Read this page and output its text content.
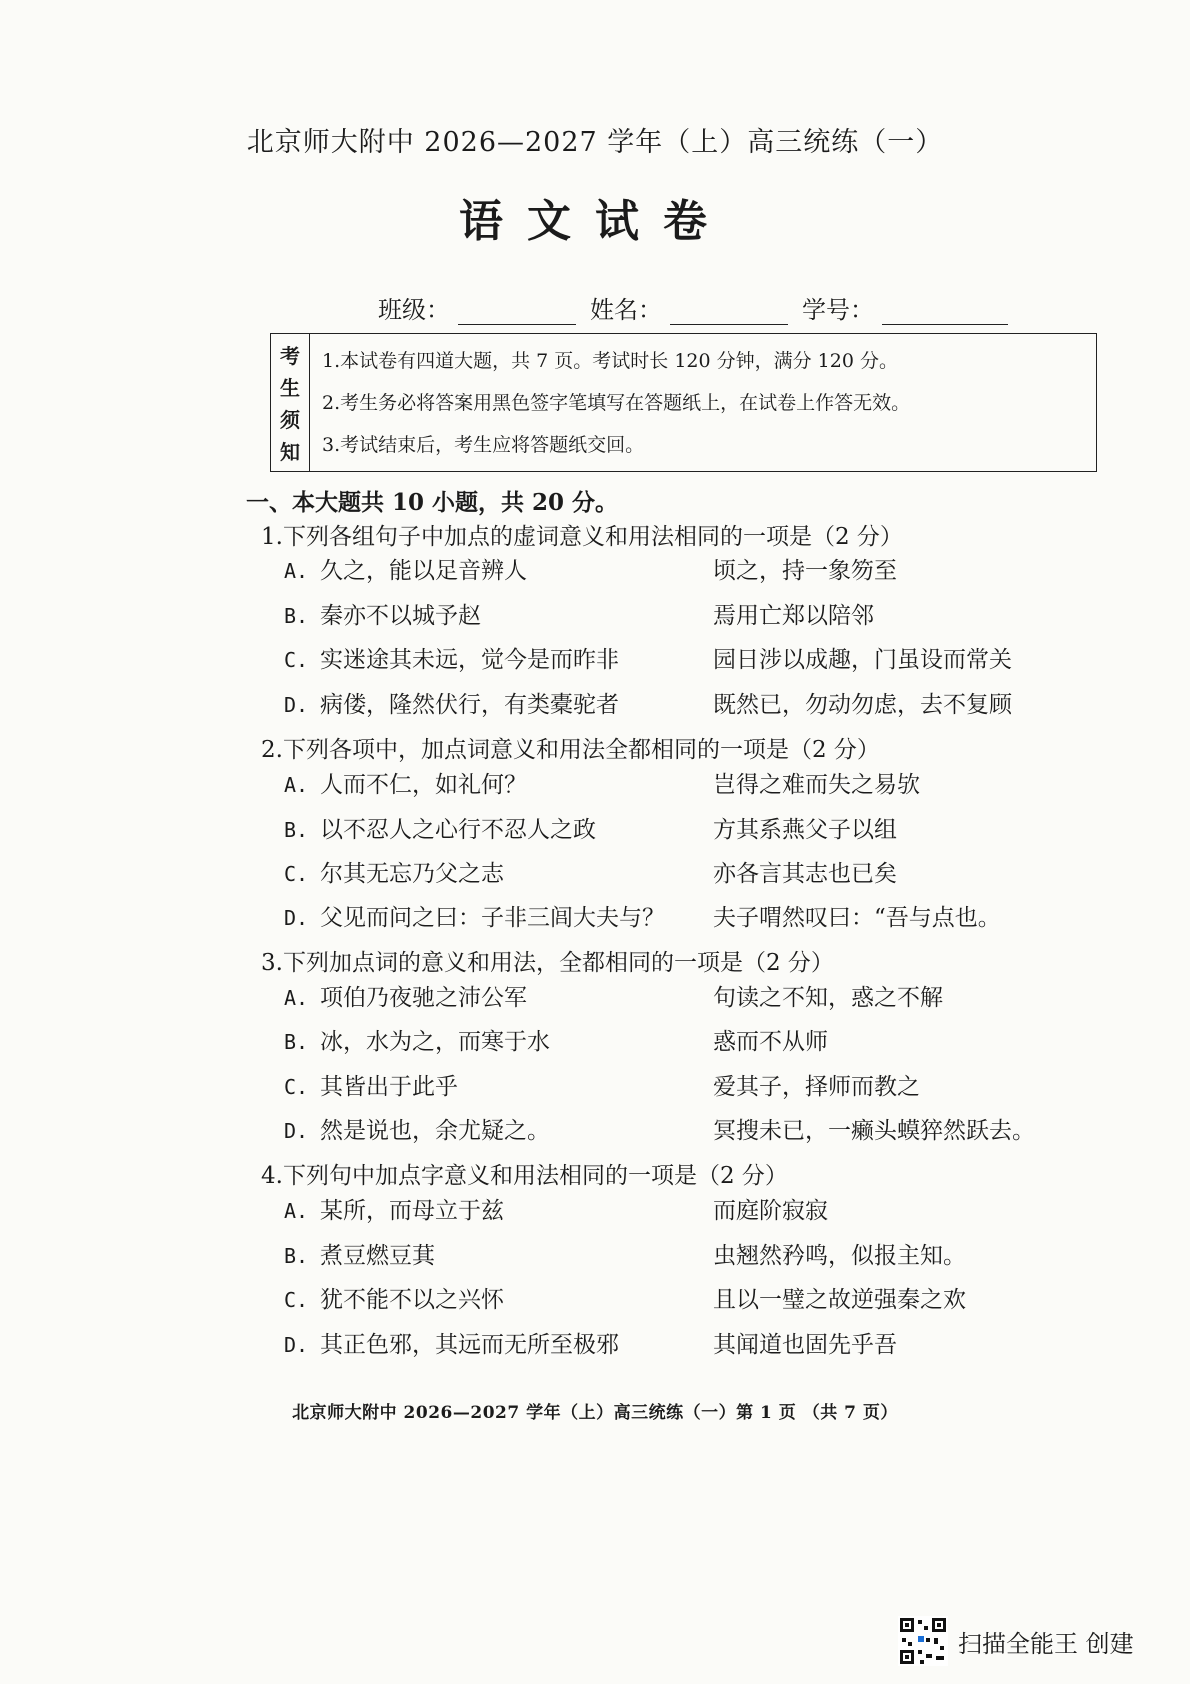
北京师大附中 2026—2027 学年（上）高三统练（一）
语文试卷
班级：	姓名：	学号：
考
生
须
知
1.本试卷有四道大题，共 7 页。考试时长 120 分钟，满分 120 分。
2.考生务必将答案用黑色签字笔填写在答题纸上，在试卷上作答无效。
3.考试结束后，考生应将答题纸交回。
一、本大题共 10 小题，共 20 分。
1.下列各组句子中加点的虚词意义和用法相同的一项是（2 分）
A. 久之，能以足音辨人	顷之，持一象笏至
B. 秦亦不以城予赵	焉用亡郑以陪邻
C. 实迷途其未远，觉今是而昨非	园日涉以成趣，门虽设而常关
D. 病偻，隆然伏行，有类橐驼者	既然已，勿动勿虑，去不复顾
2.下列各项中，加点词意义和用法全都相同的一项是（2 分）
A. 人而不仁，如礼何？	岂得之难而失之易欤
B. 以不忍人之心行不忍人之政	方其系燕父子以组
C. 尔其无忘乃父之志	亦各言其志也已矣
D. 父见而问之曰：子非三闾大夫与？ 夫子喟然叹曰：“吾与点也。
3.下列加点词的意义和用法，全都相同的一项是（2 分）
A. 项伯乃夜驰之沛公军	句读之不知，惑之不解
B. 冰，水为之，而寒于水	惑而不从师
C. 其皆出于此乎	爱其子，择师而教之
D. 然是说也，余尤疑之。	冥搜未已，一癞头蟆猝然跃去。
4.下列句中加点字意义和用法相同的一项是（2 分）
A. 某所，而母立于兹	而庭阶寂寂
B. 煮豆燃豆萁	虫翘然矜鸣，似报主知。
C. 犹不能不以之兴怀	且以一璧之故逆强秦之欢
D. 其正色邪，其远而无所至极邪	其闻道也固先乎吾
北京师大附中 2026—2027 学年（上）高三统练（一）第 1 页 （共 7 页）
扫描全能王 创建
